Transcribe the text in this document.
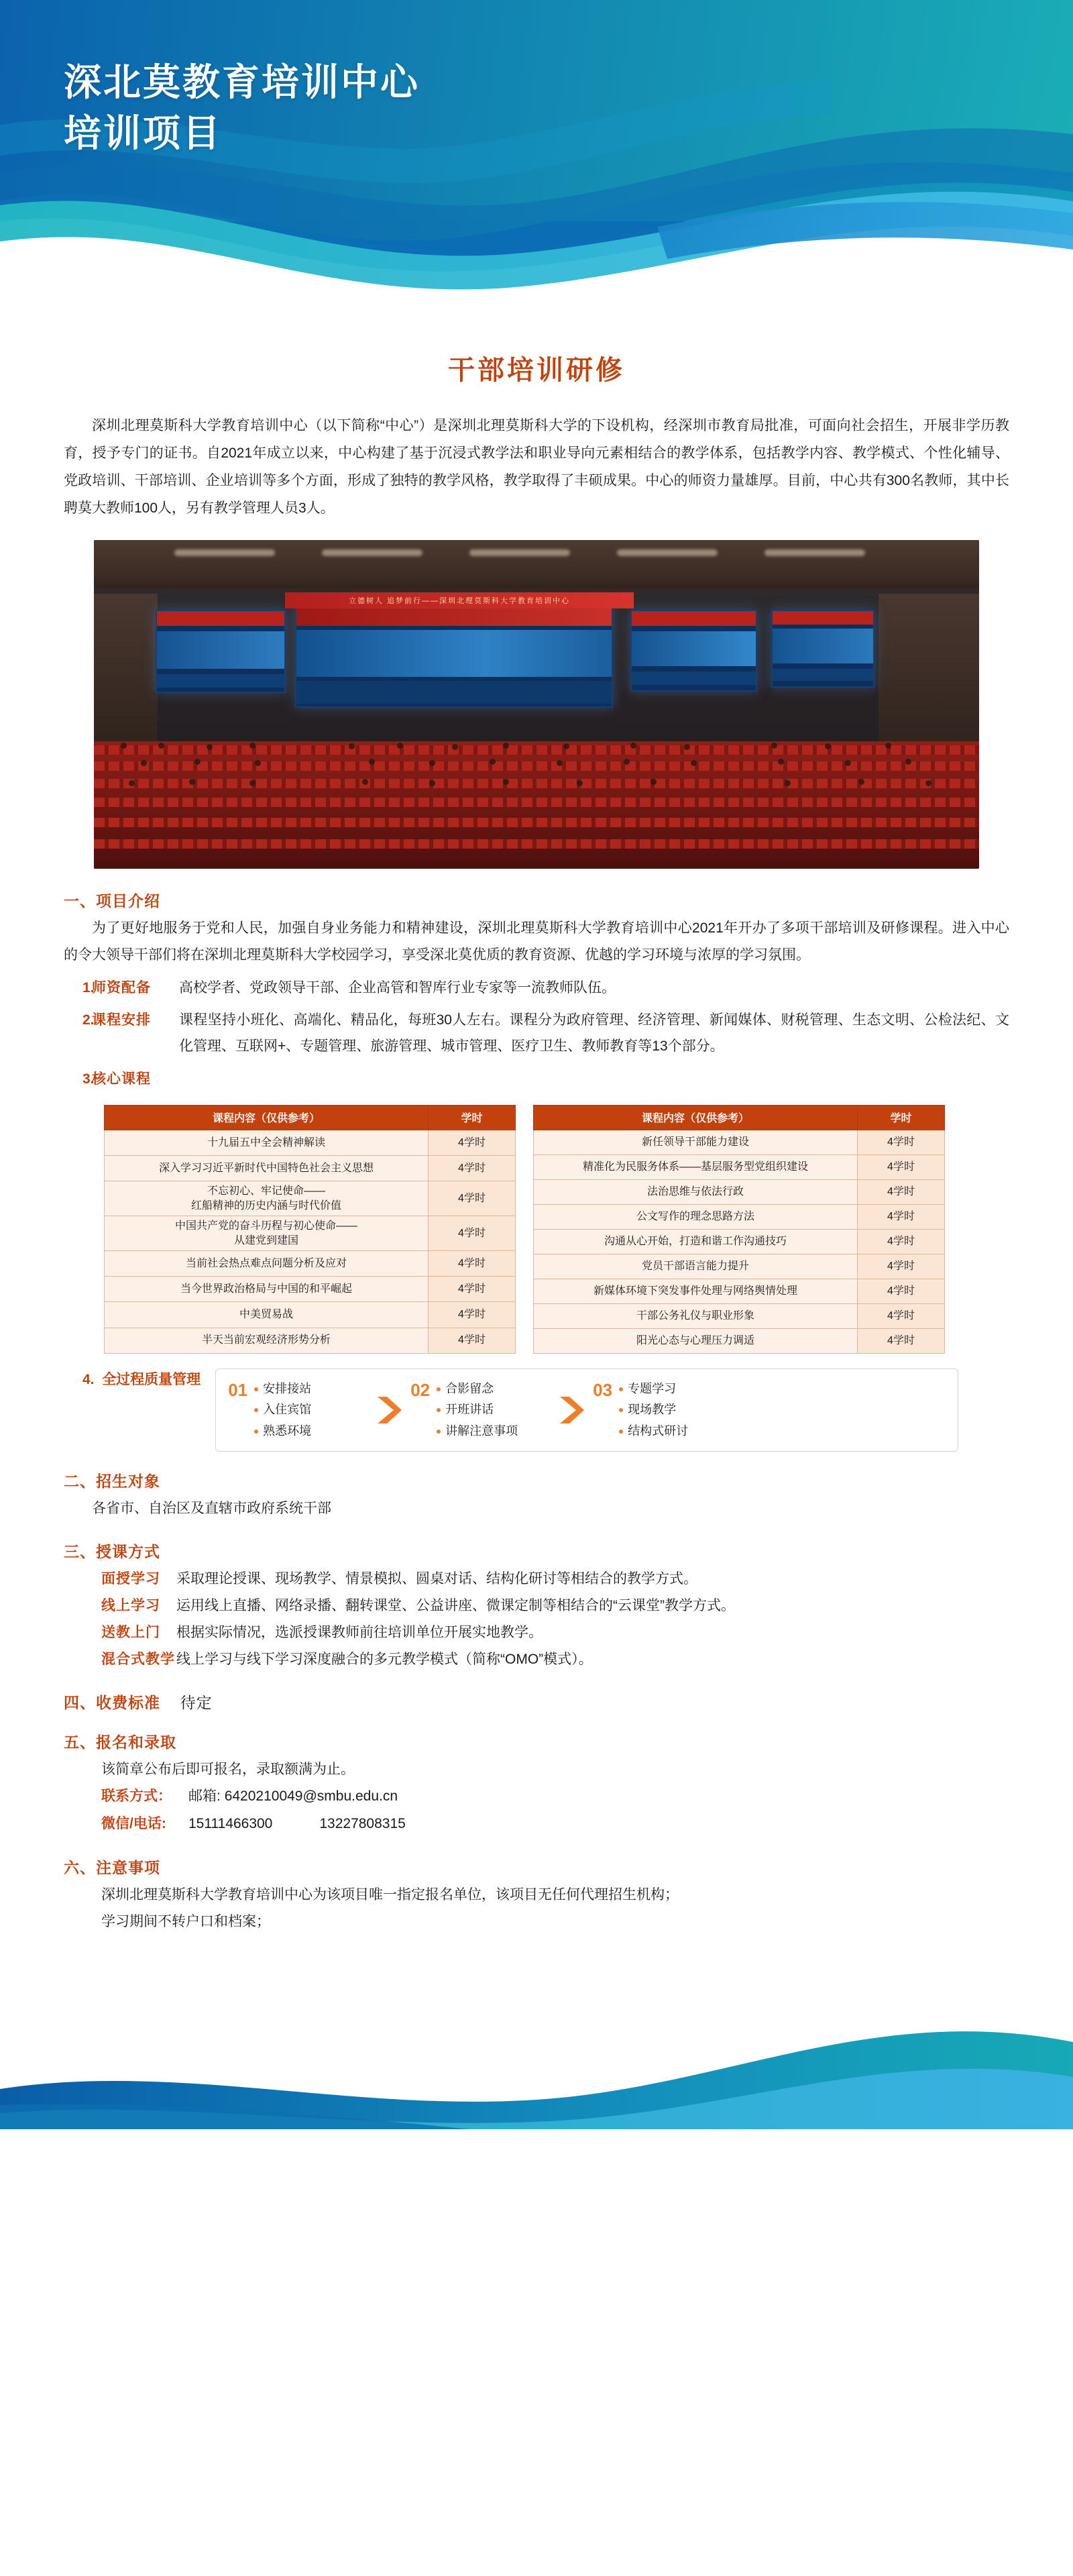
深北莫教育培训中心
培训项目
干部培训研修

深圳北理莫斯科大学教育培训中心（以下简称“中心”）是深圳北理莫斯科大学的下设机构，经深圳市教育局批准，可面向社会招生，开展非学历教育，授予专门的证书。自2021年成立以来，中心构建了基于沉浸式教学法和职业导向元素相结合的教学体系，包括教学内容、教学模式、个性化辅导、党政培训、干部培训、企业培训等多个方面，形成了独特的教学风格，教学取得了丰硕成果。中心的师资力量雄厚。目前，中心共有300名教师，其中长聘莫大教师100人，另有教学管理人员3人。

立德树人 追梦前行——深圳北理莫斯科大学教育培训中心
一、项目介绍

为了更好地服务于党和人民，加强自身业务能力和精神建设，深圳北理莫斯科大学教育培训中心2021年开办了多项干部培训及研修课程。进入中心的令大领导干部们将在深圳北理莫斯科大学校园学习，享受深北莫优质的教育资源、优越的学习环境与浓厚的学习氛围。

1.
师资配备	高校学者、党政领导干部、企业高管和智库行业专家等一流教师队伍。
2.
课程安排	课程坚持小班化、高端化、精品化，每班30人左右。课程分为政府管理、经济管理、新闻媒体、财税管理、生态文明、公检法纪、文化管理、互联网+、专题管理、旅游管理、城市管理、医疗卫生、教师教育等13个部分。
3.
核心课程
课程内容（仅供参考）	学时
十九届五中全会精神解读	4学时
深入学习习近平新时代中国特色社会主义思想	4学时
不忘初心、牢记使命——
红船精神的历史内涵与时代价值	4学时
中国共产党的奋斗历程与初心使命——
从建党到建国	4学时
当前社会热点难点问题分析及应对	4学时
当今世界政治格局与中国的和平崛起	4学时
中美贸易战	4学时
半天当前宏观经济形势分析	4学时
课程内容（仅供参考）	学时
新任领导干部能力建设	4学时
精准化为民服务体系——基层服务型党组织建设	4学时
法治思维与依法行政	4学时
公文写作的理念思路方法	4学时
沟通从心开始，打造和谐工作沟通技巧	4学时
党员干部语言能力提升	4学时
新媒体环境下突发事件处理与网络舆情处理	4学时
干部公务礼仪与职业形象	4学时
阳光心态与心理压力调适	4学时
4. 全过程质量管理
01 安排接站
入住宾馆
熟悉环境
02 合影留念
开班讲话
讲解注意事项
03 专题学习
现场教学
结构式研讨
二、招生对象

各省市、自治区及直辖市政府系统干部

三、授课方式
面授学习	采取理论授课、现场教学、情景模拟、圆桌对话、结构化研讨等相结合的教学方式。
线上学习	运用线上直播、网络录播、翻转课堂、公益讲座、微课定制等相结合的“云课堂”教学方式。
送教上门	根据实际情况，选派授课教师前往培训单位开展实地教学。
混合式教学 线上学习与线下学习深度融合的多元教学模式（简称“OMO”模式）。
四、收费标准 待定
五、报名和录取
该简章公布后即可报名，录取额满为止。
联系方式：	邮箱: 6420210049@smbu.edu.cn
微信/电话:	15111466300	13227808315
六、注意事项
深圳北理莫斯科大学教育培训中心为该项目唯一指定报名单位，该项目无任何代理招生机构；
学习期间不转户口和档案；
